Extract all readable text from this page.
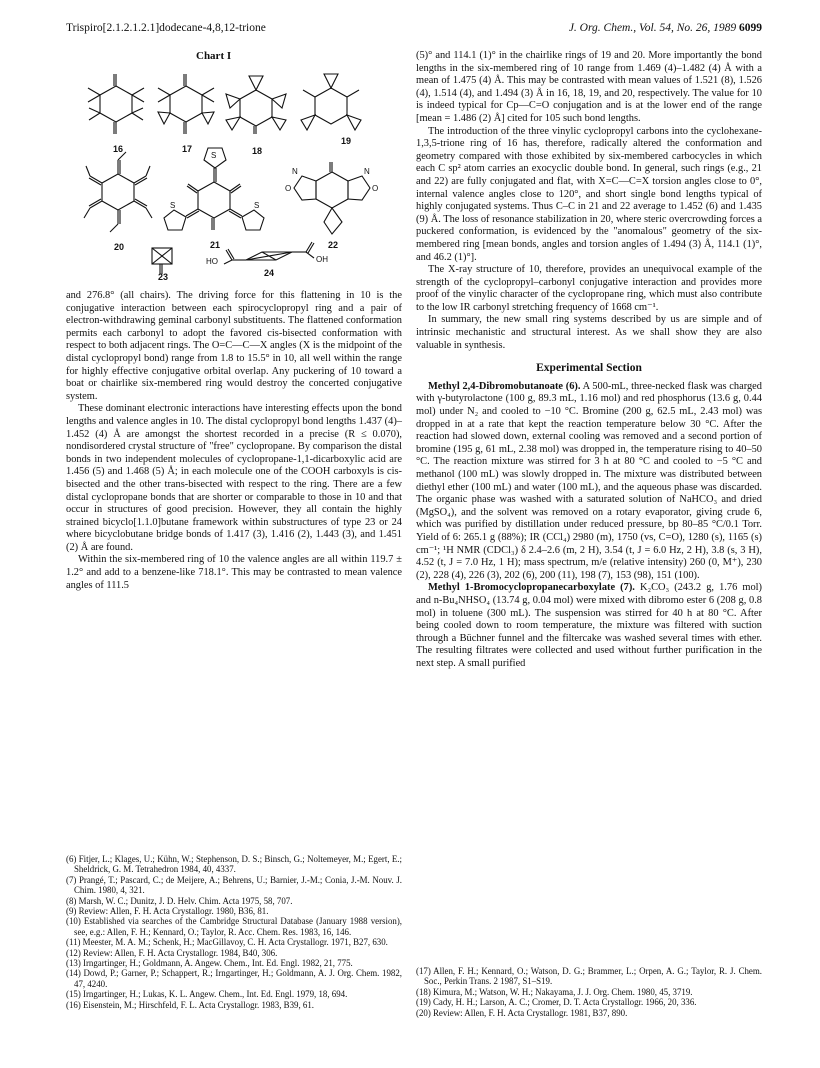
Trispiro[2.1.2.1.2.1]dodecane-4,8,12-trione	J. Org. Chem., Vol. 54, No. 26, 1989 6099
Chart I
16	17	18
19
20	21	22
23	24
S
S	S
N
N
O
O
HO	OH

and 276.8° (all chairs). The driving force for this flattening in 10 is the conjugative interaction between each spirocyclopropyl ring and a pair of electron-withdrawing geminal carbonyl substituents. The flattened conformation permits each carbonyl to adopt the favored cis-bisected conformation with respect to both adjacent rings. The O=C—C—X angles (X is the midpoint of the distal cyclopropyl bond) range from 1.8 to 15.5° in 10, all well within the range for highly effective conjugative orbital overlap. Any puckering of 10 toward a boat or chairlike six-membered ring would destroy the concerted conjugative system.

These dominant electronic interactions have interesting effects upon the bond lengths and valence angles in 10. The distal cyclopropyl bond lengths 1.437 (4)–1.452 (4) Å are amongst the shortest recorded in a precise (R ≤ 0.070), nondisordered crystal structure of "free" cyclopropane. By comparison the distal bonds in two independent molecules of cyclopropane-1,1-dicarboxylic acid are 1.456 (5) and 1.468 (5) Å; in each molecule one of the COOH carboxyls is cis-bisected and the other trans-bisected with respect to the ring. There are a few distal cyclopropane bonds that are shorter or comparable to those in 10 and that occur in structures of good precision. However, they all contain the highly strained bicyclo[1.1.0]butane framework within substructures of type 23 or 24 where bicyclobutane bridge bonds of 1.417 (3), 1.416 (2), 1.443 (3), and 1.451 (2) Å are found.

Within the six-membered ring of 10 the valence angles are all within 119.7 ± 1.2° and add to a benzene-like 718.1°. This may be contrasted to mean valence angles of 111.5

(6) Fitjer, L.; Klages, U.; Kühn, W.; Stephenson, D. S.; Binsch, G.; Noltemeyer, M.; Egert, E.; Sheldrick, G. M. Tetrahedron 1984, 40, 4337.
(7) Prangé, T.; Pascard, C.; de Meijere, A.; Behrens, U.; Barnier, J.-M.; Conia, J.-M. Nouv. J. Chim. 1980, 4, 321.
(8) Marsh, W. C.; Dunitz, J. D. Helv. Chim. Acta 1975, 58, 707.
(9) Review: Allen, F. H. Acta Crystallogr. 1980, B36, 81.
(10) Established via searches of the Cambridge Structural Database (January 1988 version), see, e.g.: Allen, F. H.; Kennard, O.; Taylor, R. Acc. Chem. Res. 1983, 16, 146.
(11) Meester, M. A. M.; Schenk, H.; MacGillavoy, C. H. Acta Crystallogr. 1971, B27, 630.
(12) Review: Allen, F. H. Acta Crystallogr. 1984, B40, 306.
(13) Irngartinger, H.; Goldmann, A. Angew. Chem., Int. Ed. Engl. 1982, 21, 775.
(14) Dowd, P.; Garner, P.; Schappert, R.; Irngartinger, H.; Goldmann, A. J. Org. Chem. 1982, 47, 4240.
(15) Irngartinger, H.; Lukas, K. L. Angew. Chem., Int. Ed. Engl. 1979, 18, 694.
(16) Eisenstein, M.; Hirschfeld, F. L. Acta Crystallogr. 1983, B39, 61.

(5)° and 114.1 (1)° in the chairlike rings of 19 and 20. More importantly the bond lengths in the six-membered ring of 10 range from 1.469 (4)–1.482 (4) Å with a mean of 1.475 (4) Å. This may be contrasted with mean values of 1.521 (8), 1.526 (4), 1.514 (4), and 1.494 (3) Å in 16, 18, 19, and 20, respectively. The value for 10 is indeed typical for Cp—C=O conjugation and is at the lower end of the range [mean = 1.486 (2) Å] cited for 105 such bond lengths.

The introduction of the three vinylic cyclopropyl carbons into the cyclohexane-1,3,5-trione ring of 16 has, therefore, radically altered the conformation and geometry compared with those exhibited by six-membered carbocycles in which each C sp² atom carries an exocyclic double bond. In general, such rings (e.g., 21 and 22) are fully conjugated and flat, with X=C—C=X torsion angles close to 0°, internal valence angles close to 120°, and short single bond lengths typical of highly conjugated systems. Thus C–C in 21 and 22 average to 1.452 (6) and 1.435 (9) Å. The loss of resonance stabilization in 20, where steric overcrowding forces a puckered conformation, is evidenced by the "anomalous" geometry of the six-membered ring [mean bonds, angles and torsion angles of 1.494 (3) Å, 114.1 (1)°, and 46.2 (1)°].

The X-ray structure of 10, therefore, provides an unequivocal example of the strength of the cyclopropyl–carbonyl conjugative interaction and provides more proof of the vinylic character of the cyclopropane ring, which must also contribute to the low IR carbonyl stretching frequency of 1668 cm⁻¹.

In summary, the new small ring systems described by us are simple and of intrinsic mechanistic and structural interest. As we shall show they are also valuable in synthesis.

Experimental Section

Methyl 2,4-Dibromobutanoate (6). A 500-mL, three-necked flask was charged with γ-butyrolactone (100 g, 89.3 mL, 1.16 mol) and red phosphorus (13.6 g, 0.44 mol) under N₂ and cooled to −10 °C. Bromine (200 g, 62.5 mL, 2.43 mol) was dropped in at a rate that kept the reaction temperature below 30 °C. After the reaction had slowed down, external cooling was removed and a second portion of bromine (195 g, 61 mL, 2.38 mol) was dropped in, the temperature rising to 40–50 °C. The reaction mixture was stirred for 3 h at 80 °C and cooled to −5 °C and methanol (100 mL) was slowly dropped in. The mixture was distributed between diethyl ether (100 mL) and water (100 mL), and the aqueous phase was discarded. The organic phase was washed with a saturated solution of NaHCO₃ and dried (MgSO₄), and the solvent was removed on a rotary evaporator, giving crude 6, which was purified by distillation under reduced pressure, bp 80–85 °C/0.1 Torr. Yield of 6: 265.1 g (88%); IR (CCl₄) 2980 (m), 1750 (vs, C=O), 1280 (s), 1165 (s) cm⁻¹; ¹H NMR (CDCl₃) δ 2.4–2.6 (m, 2 H), 3.54 (t, J = 6.0 Hz, 2 H), 3.8 (s, 3 H), 4.52 (t, J = 7.0 Hz, 1 H); mass spectrum, m/e (relative intensity) 260 (0, M⁺), 230 (2), 228 (4), 226 (3), 202 (6), 200 (11), 198 (7), 153 (98), 151 (100).

Methyl 1-Bromocyclopropanecarboxylate (7). K₂CO₃ (243.2 g, 1.76 mol) and n-Bu₄NHSO₄ (13.74 g, 0.04 mol) were mixed with dibromo ester 6 (208 g, 0.8 mol) in toluene (300 mL). The suspension was stirred for 40 h at 80 °C. After being cooled down to room temperature, the mixture was filtered with suction through a Büchner funnel and the filtercake was washed several times with ether. The resulting filtrates were collected and used without further purification in the next step. A small purified

(17) Allen, F. H.; Kennard, O.; Watson, D. G.; Brammer, L.; Orpen, A. G.; Taylor, R. J. Chem. Soc., Perkin Trans. 2 1987, S1–S19.
(18) Kimura, M.; Watson, W. H.; Nakayama, J. J. Org. Chem. 1980, 45, 3719.
(19) Cady, H. H.; Larson, A. C.; Cromer, D. T. Acta Crystallogr. 1966, 20, 336.
(20) Review: Allen, F. H. Acta Crystallogr. 1981, B37, 890.
